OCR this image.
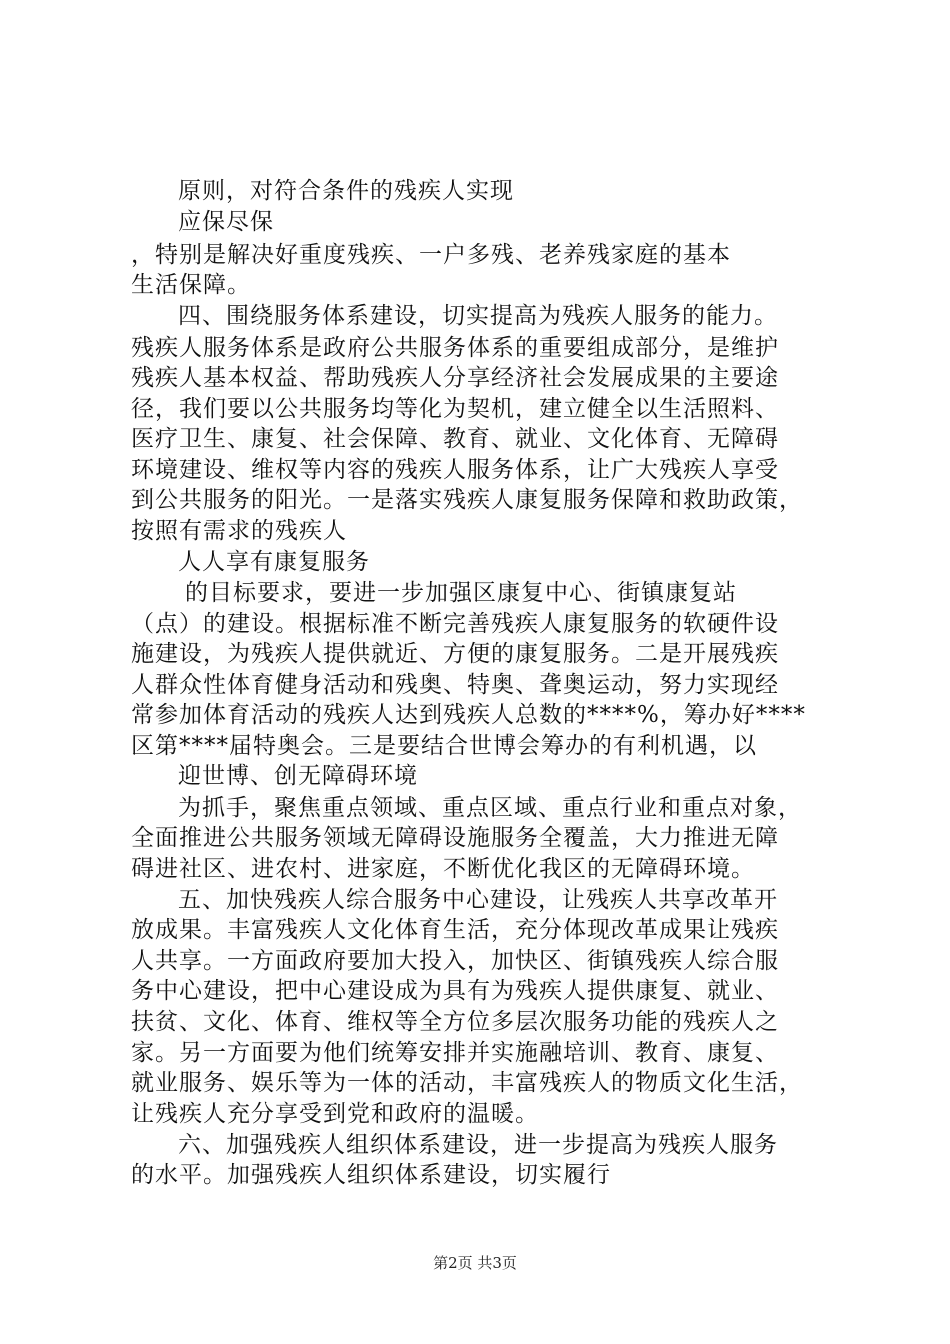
原则，对符合条件的残疾人实现
应保尽保
，特别是解决好重度残疾、一户多残、老养残家庭的基本
生活保障。
四、围绕服务体系建设，切实提高为残疾人服务的能力。
残疾人服务体系是政府公共服务体系的重要组成部分，是维护
残疾人基本权益、帮助残疾人分享经济社会发展成果的主要途
径，我们要以公共服务均等化为契机，建立健全以生活照料、
医疗卫生、康复、社会保障、教育、就业、文化体育、无障碍
环境建设、维权等内容的残疾人服务体系，让广大残疾人享受
到公共服务的阳光。一是落实残疾人康复服务保障和救助政策，
按照有需求的残疾人
人人享有康复服务
的目标要求，要进一步加强区康复中心、街镇康复站
（点）的建设。根据标准不断完善残疾人康复服务的软硬件设
施建设，为残疾人提供就近、方便的康复服务。二是开展残疾
人群众性体育健身活动和残奥、特奥、聋奥运动，努力实现经
常参加体育活动的残疾人达到残疾人总数的****%，筹办好****
区第****届特奥会。三是要结合世博会筹办的有利机遇，以
迎世博、创无障碍环境
为抓手，聚焦重点领域、重点区域、重点行业和重点对象，
全面推进公共服务领域无障碍设施服务全覆盖，大力推进无障
碍进社区、进农村、进家庭，不断优化我区的无障碍环境。
五、加快残疾人综合服务中心建设，让残疾人共享改革开
放成果。丰富残疾人文化体育生活，充分体现改革成果让残疾
人共享。一方面政府要加大投入，加快区、街镇残疾人综合服
务中心建设，把中心建设成为具有为残疾人提供康复、就业、
扶贫、文化、体育、维权等全方位多层次服务功能的残疾人之
家。另一方面要为他们统筹安排并实施融培训、教育、康复、
就业服务、娱乐等为一体的活动，丰富残疾人的物质文化生活，
让残疾人充分享受到党和政府的温暖。
六、加强残疾人组织体系建设，进一步提高为残疾人服务
的水平。加强残疾人组织体系建设，切实履行
第2页 共3页
